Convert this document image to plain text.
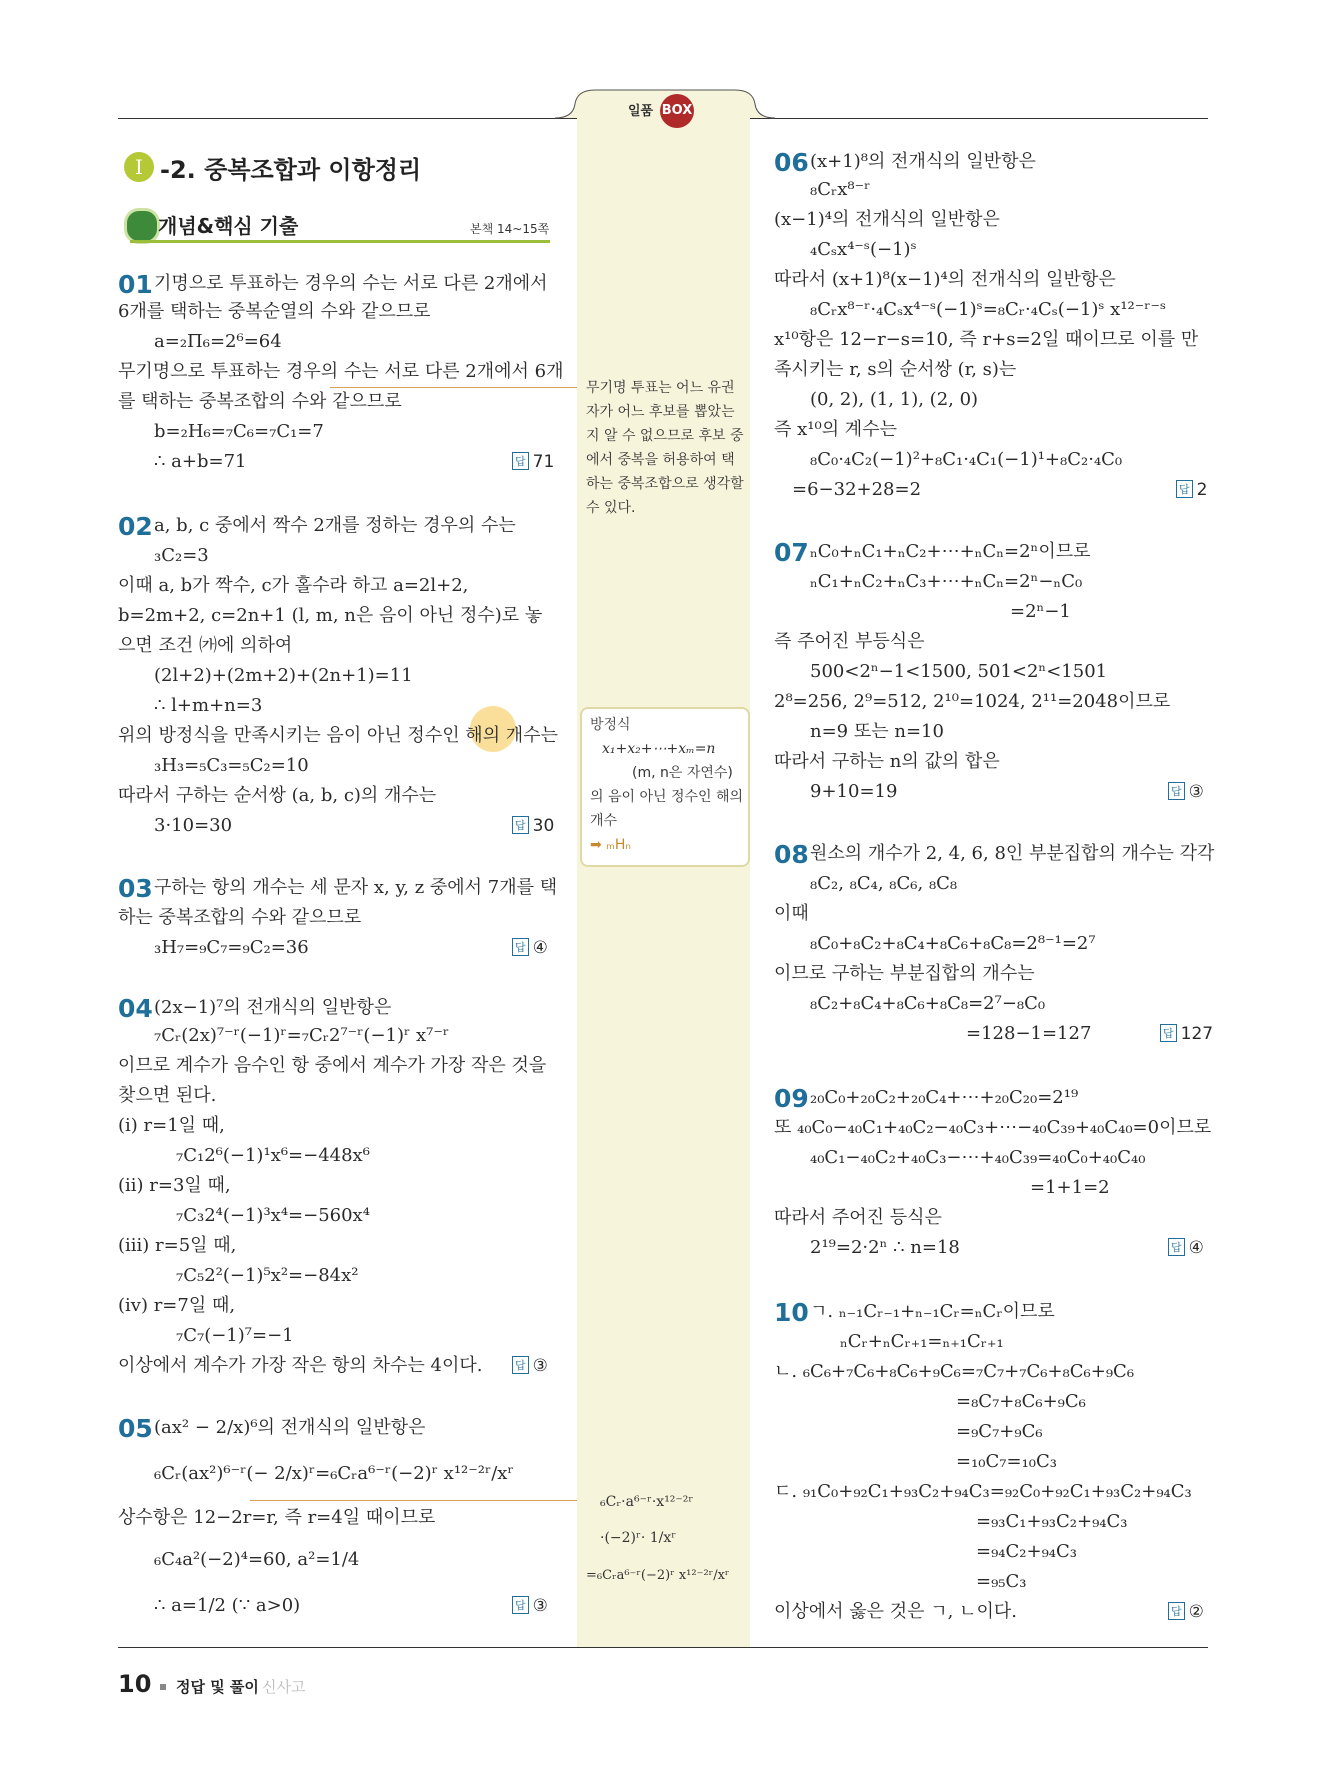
일품 BOX
Ⅰ -2. 중복조합과 이항정리
개념&핵심 기출	본책 14~15쪽
01 기명으로 투표하는 경우의 수는 서로 다른 2개에서
6개를 택하는 중복순열의 수와 같으므로
a=₂Π₆=2⁶=64
무기명으로 투표하는 경우의 수는 서로 다른 2개에서 6개
를 택하는 중복조합의 수와 같으므로
b=₂H₆=₇C₆=₇C₁=7
∴ a+b=71	답 71
02 a, b, c 중에서 짝수 2개를 정하는 경우의 수는
₃C₂=3
이때 a, b가 짝수, c가 홀수라 하고 a=2l+2,
b=2m+2, c=2n+1 (l, m, n은 음이 아닌 정수)로 놓
으면 조건 ㈎에 의하여
(2l+2)+(2m+2)+(2n+1)=11
∴ l+m+n=3
위의 방정식을 만족시키는 음이 아닌 정수인 해의 개수는
₃H₃=₅C₃=₅C₂=10
따라서 구하는 순서쌍 (a, b, c)의 개수는
3·10=30	답 30
03 구하는 항의 개수는 세 문자 x, y, z 중에서 7개를 택
하는 중복조합의 수와 같으므로
₃H₇=₉C₇=₉C₂=36	답 ④
04 (2x−1)⁷의 전개식의 일반항은
₇Cᵣ(2x)⁷⁻ʳ(−1)ʳ=₇Cᵣ2⁷⁻ʳ(−1)ʳ x⁷⁻ʳ
이므로 계수가 음수인 항 중에서 계수가 가장 작은 것을
찾으면 된다.
(ⅰ) r=1일 때,
₇C₁2⁶(−1)¹x⁶=−448x⁶
(ⅱ) r=3일 때,
₇C₃2⁴(−1)³x⁴=−560x⁴
(ⅲ) r=5일 때,
₇C₅2²(−1)⁵x²=−84x²
(ⅳ) r=7일 때,
₇C₇(−1)⁷=−1
이상에서 계수가 가장 작은 항의 차수는 4이다.	답 ③
05 (ax² − 2/x)⁶의 전개식의 일반항은
₆Cᵣ(ax²)⁶⁻ʳ(− 2/x)ʳ=₆Cᵣa⁶⁻ʳ(−2)ʳ x¹²⁻²ʳ/xʳ
상수항은 12−2r=r, 즉 r=4일 때이므로
₆C₄a²(−2)⁴=60, a²=1/4
∴ a=1/2 (∵ a>0)	답 ③
무기명 투표는 어느 유권
자가 어느 후보를 뽑았는
지 알 수 없으므로 후보 중
에서 중복을 허용하여 택
하는 중복조합으로 생각할
수 있다.
방정식
x₁+x₂+⋯+xₘ=n
(m, n은 자연수)
의 음이 아닌 정수인 해의
개수
➡ ₘHₙ
₆Cᵣ·a⁶⁻ʳ·x¹²⁻²ʳ
·(−2)ʳ· 1/xʳ
=₆Cᵣa⁶⁻ʳ(−2)ʳ x¹²⁻²ʳ/xʳ
06 (x+1)⁸의 전개식의 일반항은
₈Cᵣx⁸⁻ʳ
(x−1)⁴의 전개식의 일반항은
₄Cₛx⁴⁻ˢ(−1)ˢ
따라서 (x+1)⁸(x−1)⁴의 전개식의 일반항은
₈Cᵣx⁸⁻ʳ·₄Cₛx⁴⁻ˢ(−1)ˢ=₈Cᵣ·₄Cₛ(−1)ˢ x¹²⁻ʳ⁻ˢ
x¹⁰항은 12−r−s=10, 즉 r+s=2일 때이므로 이를 만
족시키는 r, s의 순서쌍 (r, s)는
(0, 2), (1, 1), (2, 0)
즉 x¹⁰의 계수는
₈C₀·₄C₂(−1)²+₈C₁·₄C₁(−1)¹+₈C₂·₄C₀
=6−32+28=2	답 2
07 ₙC₀+ₙC₁+ₙC₂+⋯+ₙCₙ=2ⁿ이므로
ₙC₁+ₙC₂+ₙC₃+⋯+ₙCₙ=2ⁿ−ₙC₀
=2ⁿ−1
즉 주어진 부등식은
500<2ⁿ−1<1500, 501<2ⁿ<1501
2⁸=256, 2⁹=512, 2¹⁰=1024, 2¹¹=2048이므로
n=9 또는 n=10
따라서 구하는 n의 값의 합은
9+10=19	답 ③
08 원소의 개수가 2, 4, 6, 8인 부분집합의 개수는 각각
₈C₂, ₈C₄, ₈C₆, ₈C₈
이때
₈C₀+₈C₂+₈C₄+₈C₆+₈C₈=2⁸⁻¹=2⁷
이므로 구하는 부분집합의 개수는
₈C₂+₈C₄+₈C₆+₈C₈=2⁷−₈C₀
=128−1=127	답 127
09 ₂₀C₀+₂₀C₂+₂₀C₄+⋯+₂₀C₂₀=2¹⁹
또 ₄₀C₀−₄₀C₁+₄₀C₂−₄₀C₃+⋯−₄₀C₃₉+₄₀C₄₀=0이므로
₄₀C₁−₄₀C₂+₄₀C₃−⋯+₄₀C₃₉=₄₀C₀+₄₀C₄₀
=1+1=2
따라서 주어진 등식은
2¹⁹=2·2ⁿ ∴ n=18	답 ④
10 ㄱ. ₙ₋₁Cᵣ₋₁+ₙ₋₁Cᵣ=ₙCᵣ이므로
ₙCᵣ+ₙCᵣ₊₁=ₙ₊₁Cᵣ₊₁
ㄴ. ₆C₆+₇C₆+₈C₆+₉C₆=₇C₇+₇C₆+₈C₆+₉C₆
=₈C₇+₈C₆+₉C₆
=₉C₇+₉C₆
=₁₀C₇=₁₀C₃
ㄷ. ₉₁C₀+₉₂C₁+₉₃C₂+₉₄C₃=₉₂C₀+₉₂C₁+₉₃C₂+₉₄C₃
=₉₃C₁+₉₃C₂+₉₄C₃
=₉₄C₂+₉₄C₃
=₉₅C₃
이상에서 옳은 것은 ㄱ, ㄴ이다.	답 ②
10 정답 및 풀이 신사고
